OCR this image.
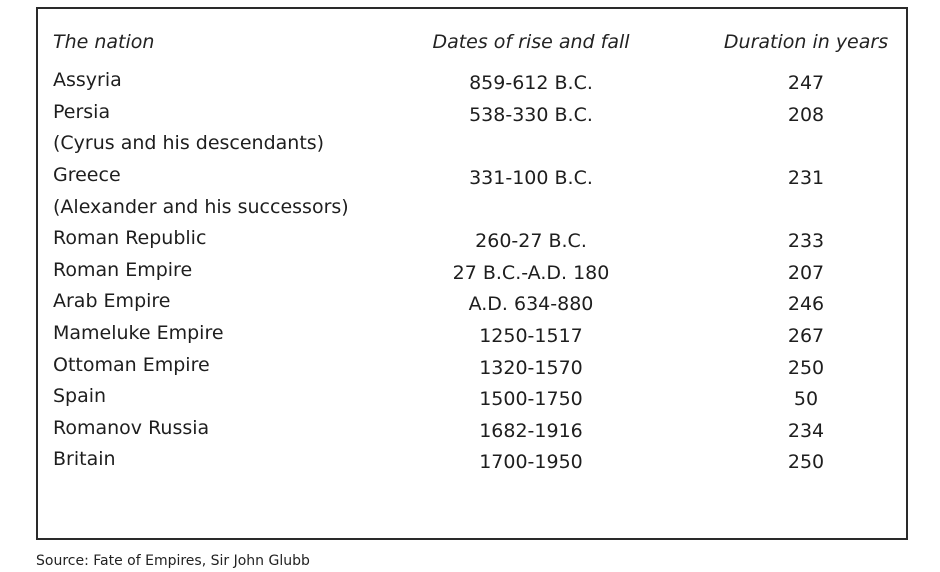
The nation	Dates of rise and fall	Duration in years
Assyria	859-612 B.C.	247
Persia	538-330 B.C.	208
(Cyrus and his descendants)
Greece	331-100 B.C.	231
(Alexander and his successors)
Roman Republic	260-27 B.C.	233
Roman Empire	27 B.C.-A.D. 180	207
Arab Empire	A.D. 634-880	246
Mameluke Empire	1250-1517	267
Ottoman Empire	1320-1570	250
Spain	1500-1750	50
Romanov Russia	1682-1916	234
Britain	1700-1950	250
Source: Fate of Empires, Sir John Glubb
